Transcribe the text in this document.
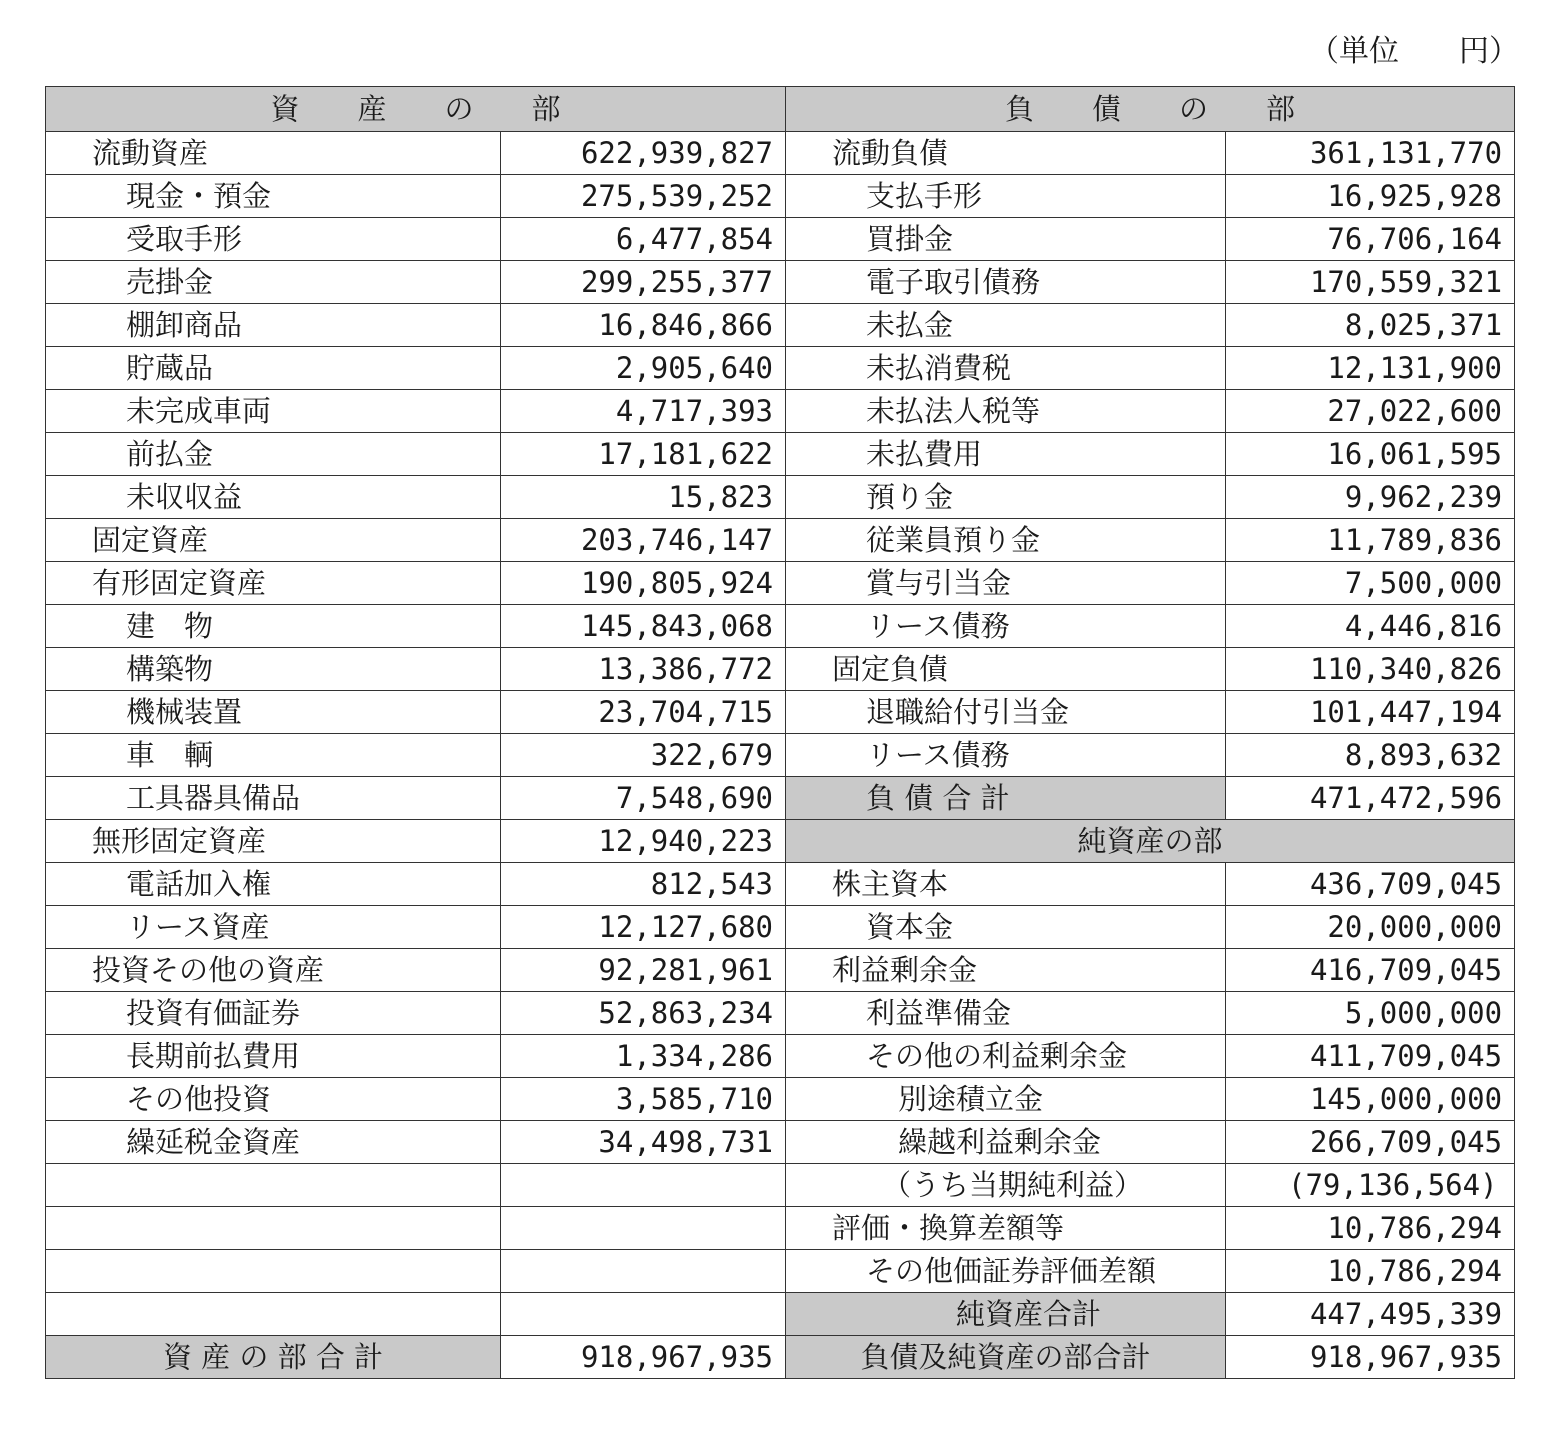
（単位　　円）
資　　産　　の　　部		負　　債　　の　　部	
流動資産	622,939,827	流動負債	361,131,770
現金・預金	275,539,252	支払手形	16,925,928
受取手形	6,477,854	買掛金	76,706,164
売掛金	299,255,377	電子取引債務	170,559,321
棚卸商品	16,846,866	未払金	8,025,371
貯蔵品	2,905,640	未払消費税	12,131,900
未完成車両	4,717,393	未払法人税等	27,022,600
前払金	17,181,622	未払費用	16,061,595
未収収益	15,823	預り金	9,962,239
固定資産	203,746,147	従業員預り金	11,789,836
有形固定資産	190,805,924	賞与引当金	7,500,000
建　物	145,843,068	リース債務	4,446,816
構築物	13,386,772	固定負債	110,340,826
機械装置	23,704,715	退職給付引当金	101,447,194
車　輌	322,679	リース債務	8,893,632
工具器具備品	7,548,690	負 債 合 計	471,472,596
無形固定資産	12,940,223	純資産の部	
電話加入権	812,543	株主資本	436,709,045
リース資産	12,127,680	資本金	20,000,000
投資その他の資産	92,281,961	利益剰余金	416,709,045
投資有価証券	52,863,234	利益準備金	5,000,000
長期前払費用	1,334,286	その他の利益剰余金	411,709,045
その他投資	3,585,710	別途積立金	145,000,000
繰延税金資産	34,498,731	繰越利益剰余金	266,709,045
		（うち当期純利益）	(79,136,564)
		評価・換算差額等	10,786,294
		その他価証券評価差額	10,786,294
		純資産合計	447,495,339
資 産 の 部 合 計	918,967,935	負債及純資産の部合計	918,967,935
